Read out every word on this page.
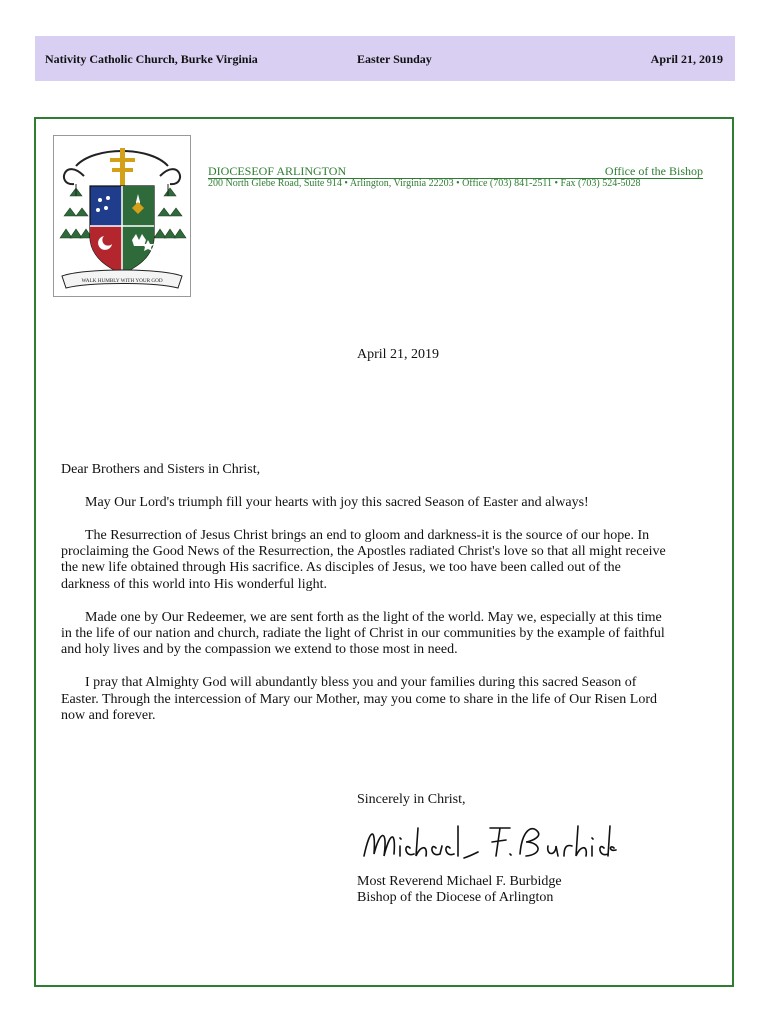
Nativity Catholic Church, Burke Virginia	Easter Sunday	April 21, 2019
WALK HUMBLY WITH YOUR GOD
DIOCESEOF ARLINGTON	Office of the Bishop
200 North Glebe Road, Suite 914 • Arlington, Virginia 22203 • Office (703) 841-2511 • Fax (703) 524-5028
April 21, 2019

Dear Brothers and Sisters in Christ,

May Our Lord's triumph fill your hearts with joy this sacred Season of Easter and always!

The Resurrection of Jesus Christ brings an end to gloom and darkness-it is the source of our hope. In proclaiming the Good News of the Resurrection, the Apostles radiated Christ's love so that all might receive the new life obtained through His sacrifice. As disciples of Jesus, we too have been called out of the darkness of this world into His wonderful light.

Made one by Our Redeemer, we are sent forth as the light of the world. May we, especially at this time in the life of our nation and church, radiate the light of Christ in our communities by the example of faithful and holy lives and by the compassion we extend to those most in need.

I pray that Almighty God will abundantly bless you and your families during this sacred Season of Easter. Through the intercession of Mary our Mother, may you come to share in the life of Our Risen Lord now and forever.

Sincerely in Christ,
Most Reverend Michael F. Burbidge
Bishop of the Diocese of Arlington
